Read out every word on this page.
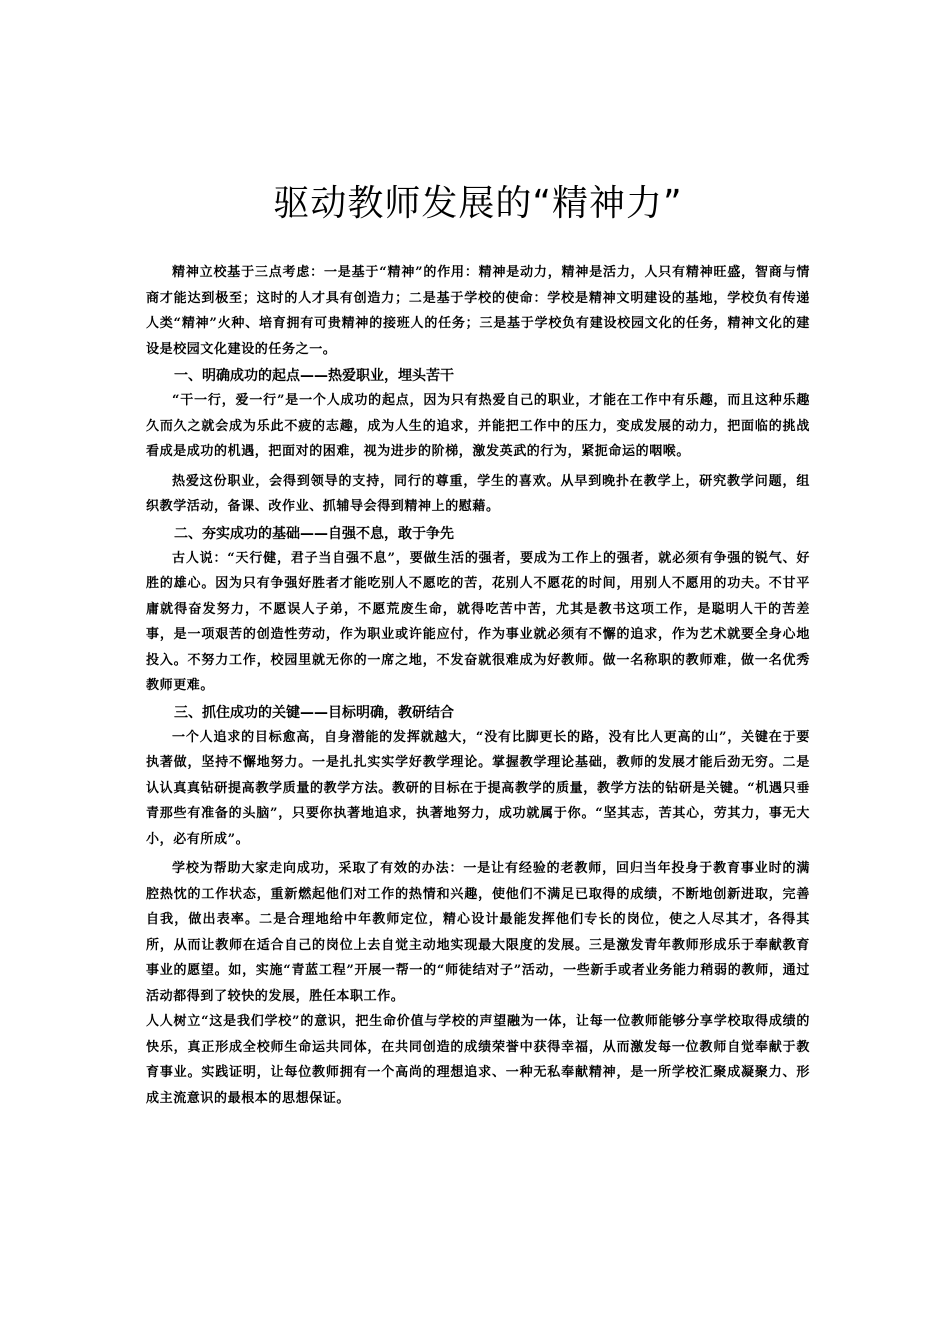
驱动教师发展的“精神力”

精神立校基于三点考虑：一是基于“精神”的作用：精神是动力，精神是活力，人只有精神旺盛，智商与情商才能达到极至；这时的人才具有创造力；二是基于学校的使命：学校是精神文明建设的基地，学校负有传递人类“精神”火种、培育拥有可贵精神的接班人的任务；三是基于学校负有建设校园文化的任务，精神文化的建设是校园文化建设的任务之一。

一、明确成功的起点——热爱职业，埋头苦干

“干一行，爱一行”是一个人成功的起点，因为只有热爱自己的职业，才能在工作中有乐趣，而且这种乐趣久而久之就会成为乐此不疲的志趣，成为人生的追求，并能把工作中的压力，变成发展的动力，把面临的挑战看成是成功的机遇，把面对的困难，视为进步的阶梯，激发英武的行为，紧扼命运的咽喉。

热爱这份职业，会得到领导的支持，同行的尊重，学生的喜欢。从早到晚扑在教学上，研究教学问题，组织教学活动，备课、改作业、抓辅导会得到精神上的慰藉。

二、夯实成功的基础——自强不息，敢于争先

古人说：“天行健，君子当自强不息”，要做生活的强者，要成为工作上的强者，就必须有争强的锐气、好胜的雄心。因为只有争强好胜者才能吃别人不愿吃的苦，花别人不愿花的时间，用别人不愿用的功夫。不甘平庸就得奋发努力，不愿误人子弟，不愿荒废生命，就得吃苦中苦，尤其是教书这项工作，是聪明人干的苦差事，是一项艰苦的创造性劳动，作为职业或许能应付，作为事业就必须有不懈的追求，作为艺术就要全身心地投入。不努力工作，校园里就无你的一席之地，不发奋就很难成为好教师。做一名称职的教师难，做一名优秀教师更难。

三、抓住成功的关键——目标明确，教研结合

一个人追求的目标愈高，自身潜能的发挥就越大，“没有比脚更长的路，没有比人更高的山”，关键在于要执著做，坚持不懈地努力。一是扎扎实实学好教学理论。掌握教学理论基础，教师的发展才能后劲无穷。二是认认真真钻研提高教学质量的教学方法。教研的目标在于提高教学的质量，教学方法的钻研是关键。“机遇只垂青那些有准备的头脑”，只要你执著地追求，执著地努力，成功就属于你。“坚其志，苦其心，劳其力，事无大小，必有所成”。

学校为帮助大家走向成功，采取了有效的办法：一是让有经验的老教师，回归当年投身于教育事业时的满腔热忱的工作状态，重新燃起他们对工作的热情和兴趣，使他们不满足已取得的成绩，不断地创新进取，完善自我，做出表率。二是合理地给中年教师定位，精心设计最能发挥他们专长的岗位，使之人尽其才，各得其所，从而让教师在适合自己的岗位上去自觉主动地实现最大限度的发展。三是激发青年教师形成乐于奉献教育事业的愿望。如，实施“青蓝工程”开展一帮一的“师徒结对子”活动，一些新手或者业务能力稍弱的教师，通过活动都得到了较快的发展，胜任本职工作。

人人树立“这是我们学校”的意识，把生命价值与学校的声望融为一体，让每一位教师能够分享学校取得成绩的快乐，真正形成全校师生命运共同体，在共同创造的成绩荣誉中获得幸福，从而激发每一位教师自觉奉献于教育事业。实践证明，让每位教师拥有一个高尚的理想追求、一种无私奉献精神，是一所学校汇聚成凝聚力、形成主流意识的最根本的思想保证。
